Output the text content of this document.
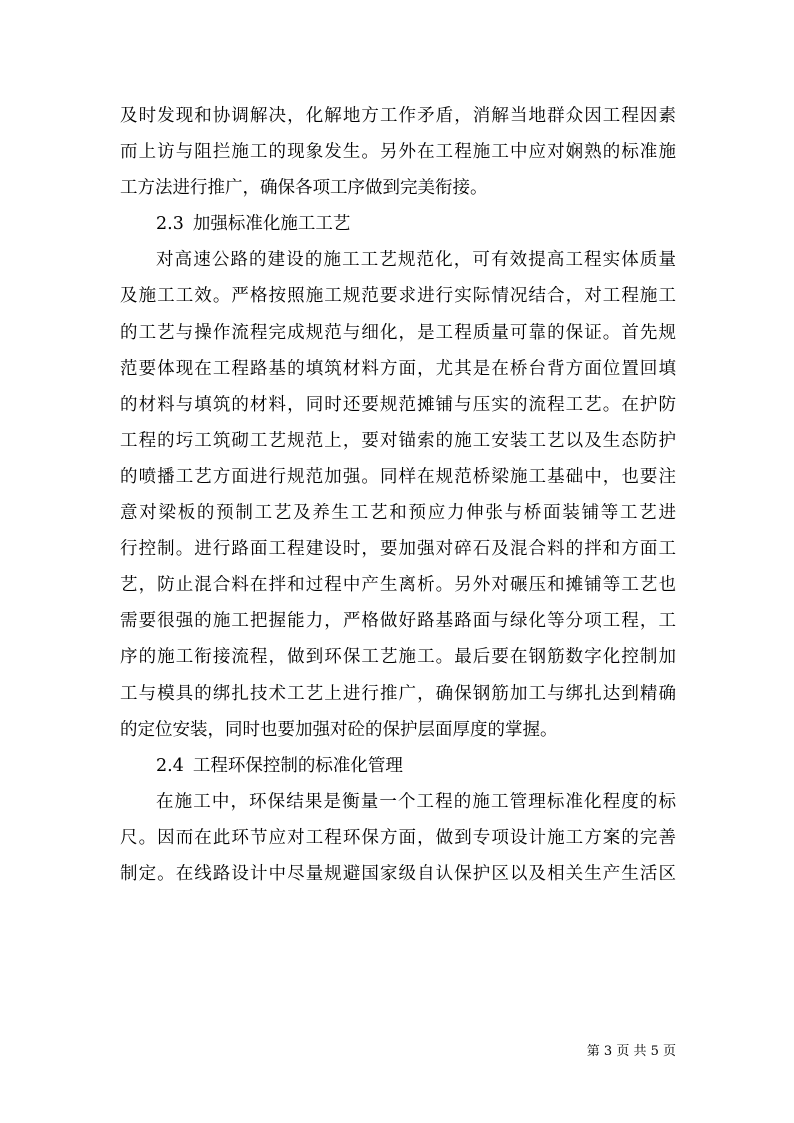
及时发现和协调解决，化解地方工作矛盾，消解当地群众因工程因素
而上访与阻拦施工的现象发生。另外在工程施工中应对娴熟的标准施
工方法进行推广，确保各项工序做到完美衔接。
2.3 加强标准化施工工艺
对高速公路的建设的施工工艺规范化，可有效提高工程实体质量
及施工工效。严格按照施工规范要求进行实际情况结合，对工程施工
的工艺与操作流程完成规范与细化，是工程质量可靠的保证。首先规
范要体现在工程路基的填筑材料方面，尤其是在桥台背方面位置回填
的材料与填筑的材料，同时还要规范摊铺与压实的流程工艺。在护防
工程的圬工筑砌工艺规范上，要对锚索的施工安装工艺以及生态防护
的喷播工艺方面进行规范加强。同样在规范桥梁施工基础中，也要注
意对梁板的预制工艺及养生工艺和预应力伸张与桥面装铺等工艺进
行控制。进行路面工程建设时，要加强对碎石及混合料的拌和方面工
艺，防止混合料在拌和过程中产生离析。另外对碾压和摊铺等工艺也
需要很强的施工把握能力，严格做好路基路面与绿化等分项工程，工
序的施工衔接流程，做到环保工艺施工。最后要在钢筋数字化控制加
工与模具的绑扎技术工艺上进行推广，确保钢筋加工与绑扎达到精确
的定位安装，同时也要加强对砼的保护层面厚度的掌握。
2.4 工程环保控制的标准化管理
在施工中，环保结果是衡量一个工程的施工管理标准化程度的标
尺。因而在此环节应对工程环保方面，做到专项设计施工方案的完善
制定。在线路设计中尽量规避国家级自认保护区以及相关生产生活区
第 3 页 共 5 页
